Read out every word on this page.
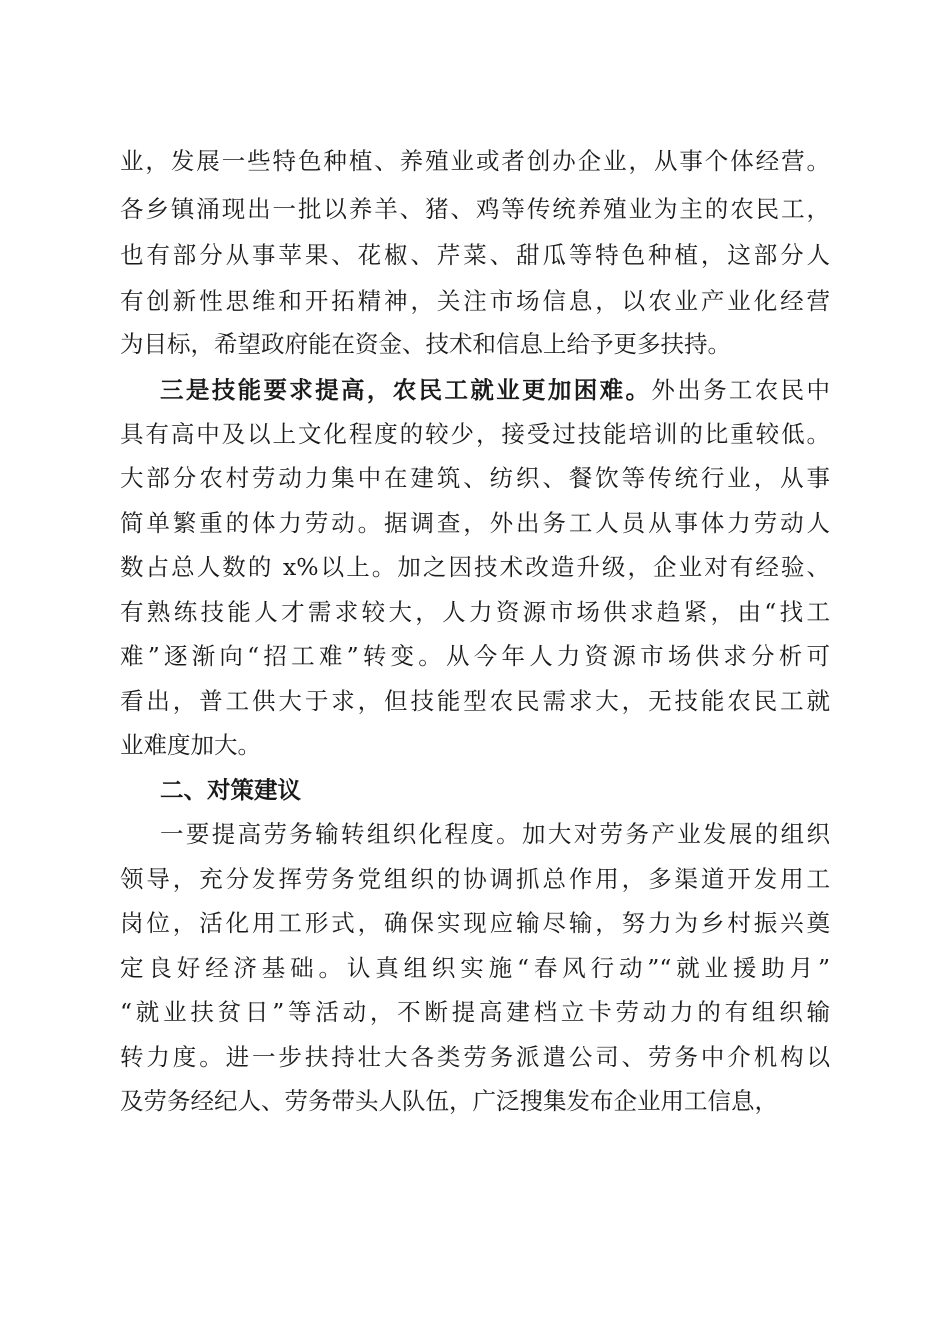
业，发展一些特色种植、养殖业或者创办企业，从事个体经营。
各乡镇涌现出一批以养羊、猪、鸡等传统养殖业为主的农民工，
也有部分从事苹果、花椒、芹菜、甜瓜等特色种植，这部分人
有创新性思维和开拓精神，关注市场信息，以农业产业化经营
为目标，希望政府能在资金、技术和信息上给予更多扶持。
三是技能要求提高，农民工就业更加困难。外出务工农民中
具有高中及以上文化程度的较少，接受过技能培训的比重较低。
大部分农村劳动力集中在建筑、纺织、餐饮等传统行业，从事
简单繁重的体力劳动。据调查，外出务工人员从事体力劳动人
数占总人数的 x%以上。加之因技术改造升级，企业对有经验、
有熟练技能人才需求较大，人力资源市场供求趋紧，由“找工
难”逐渐向“招工难”转变。从今年人力资源市场供求分析可
看出，普工供大于求，但技能型农民需求大，无技能农民工就
业难度加大。
二、对策建议
一要提高劳务输转组织化程度。加大对劳务产业发展的组织
领导，充分发挥劳务党组织的协调抓总作用，多渠道开发用工
岗位，活化用工形式，确保实现应输尽输，努力为乡村振兴奠
定良好经济基础。认真组织实施“春风行动”“就业援助月”
“就业扶贫日”等活动，不断提高建档立卡劳动力的有组织输
转力度。进一步扶持壮大各类劳务派遣公司、劳务中介机构以
及劳务经纪人、劳务带头人队伍，广泛搜集发布企业用工信息，
